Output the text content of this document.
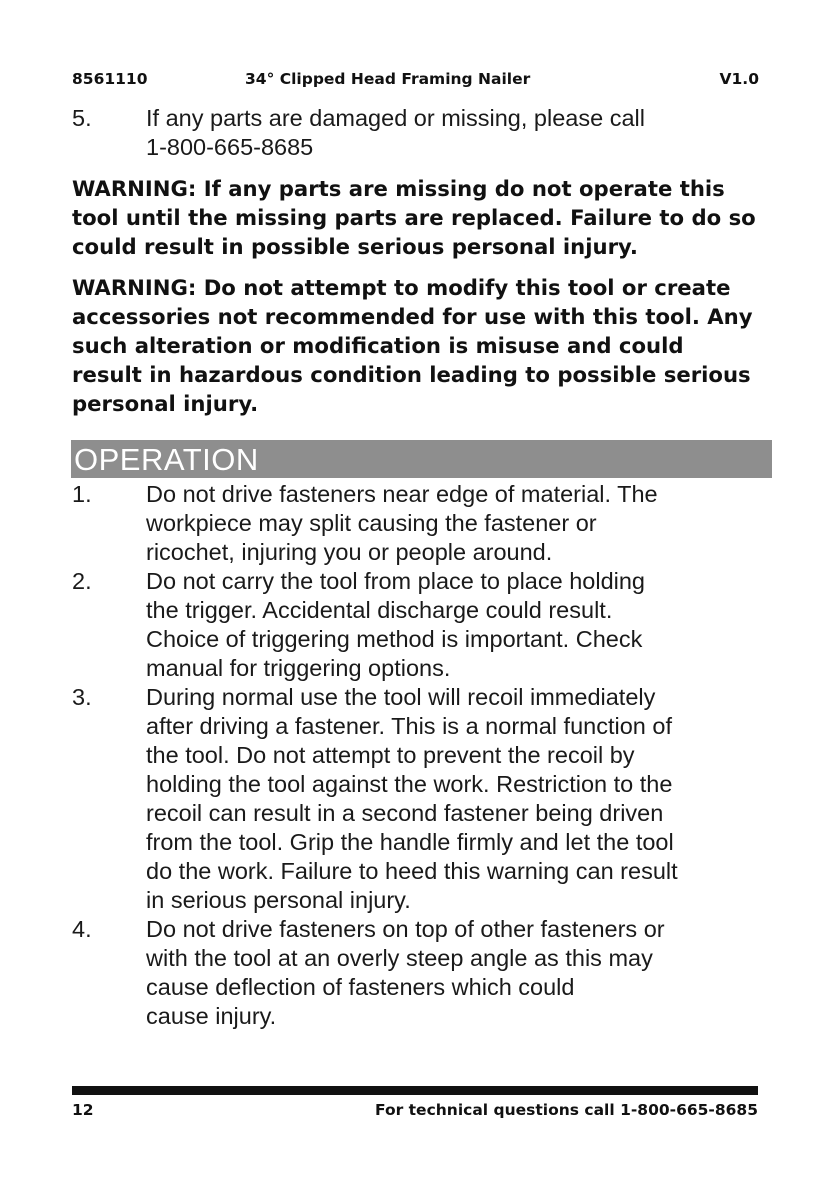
8561110	34° Clipped Head Framing Nailer	V1.0
5. If any parts are damaged or missing, please call
1-800-665-8685
WARNING: If any parts are missing do not operate this
tool until the missing parts are replaced. Failure to do so
could result in possible serious personal injury.
WARNING: Do not attempt to modify this tool or create
accessories not recommended for use with this tool. Any
such alteration or modification is misuse and could
result in hazardous condition leading to possible serious
personal injury.
OPERATION
1. Do not drive fasteners near edge of material. The
workpiece may split causing the fastener or
ricochet, injuring you or people around.
2. Do not carry the tool from place to place holding
the trigger. Accidental discharge could result.
Choice of triggering method is important. Check
manual for triggering options.
3. During normal use the tool will recoil immediately
after driving a fastener. This is a normal function of
the tool. Do not attempt to prevent the recoil by
holding the tool against the work. Restriction to the
recoil can result in a second fastener being driven
from the tool. Grip the handle firmly and let the tool
do the work. Failure to heed this warning can result
in serious personal injury.
4. Do not drive fasteners on top of other fasteners or
with the tool at an overly steep angle as this may
cause deflection of fasteners which could
cause injury.
12	For technical questions call 1-800-665-8685
